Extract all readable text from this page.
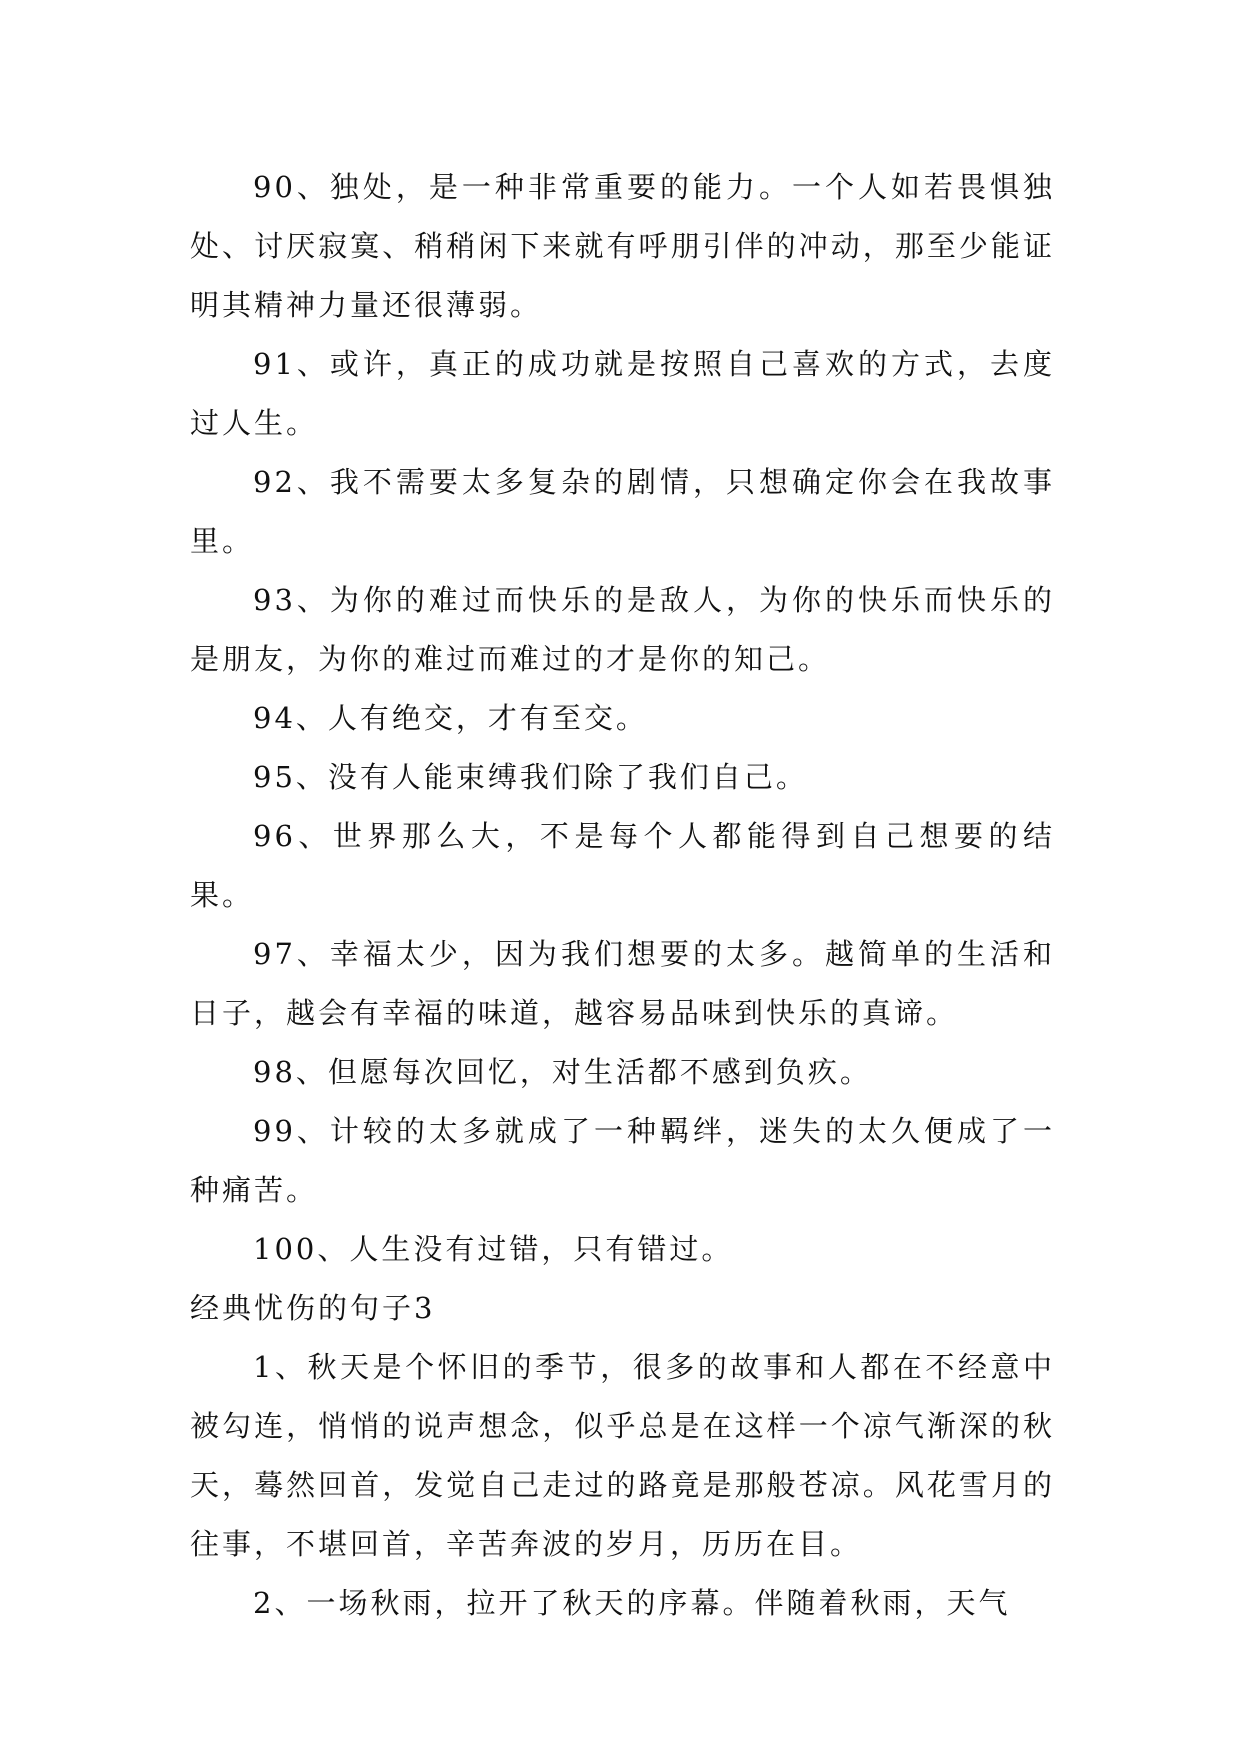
90、独处，是一种非常重要的能力。一个人如若畏惧独处、讨厌寂寞、稍稍闲下来就有呼朋引伴的冲动，那至少能证明其精神力量还很薄弱。

91、或许，真正的成功就是按照自己喜欢的方式，去度过人生。

92、我不需要太多复杂的剧情，只想确定你会在我故事里。

93、为你的难过而快乐的是敌人，为你的快乐而快乐的是朋友，为你的难过而难过的才是你的知己。

94、人有绝交，才有至交。

95、没有人能束缚我们除了我们自己。

96、世界那么大，不是每个人都能得到自己想要的结果。

97、幸福太少，因为我们想要的太多。越简单的生活和日子，越会有幸福的味道，越容易品味到快乐的真谛。

98、但愿每次回忆，对生活都不感到负疚。

99、计较的太多就成了一种羁绊，迷失的太久便成了一种痛苦。

100、人生没有过错，只有错过。

经典忧伤的句子3

1、秋天是个怀旧的季节，很多的故事和人都在不经意中被勾连，悄悄的说声想念，似乎总是在这样一个凉气渐深的秋天，蓦然回首，发觉自己走过的路竟是那般苍凉。风花雪月的往事，不堪回首，辛苦奔波的岁月，历历在目。

2、一场秋雨，拉开了秋天的序幕。伴随着秋雨，天气
